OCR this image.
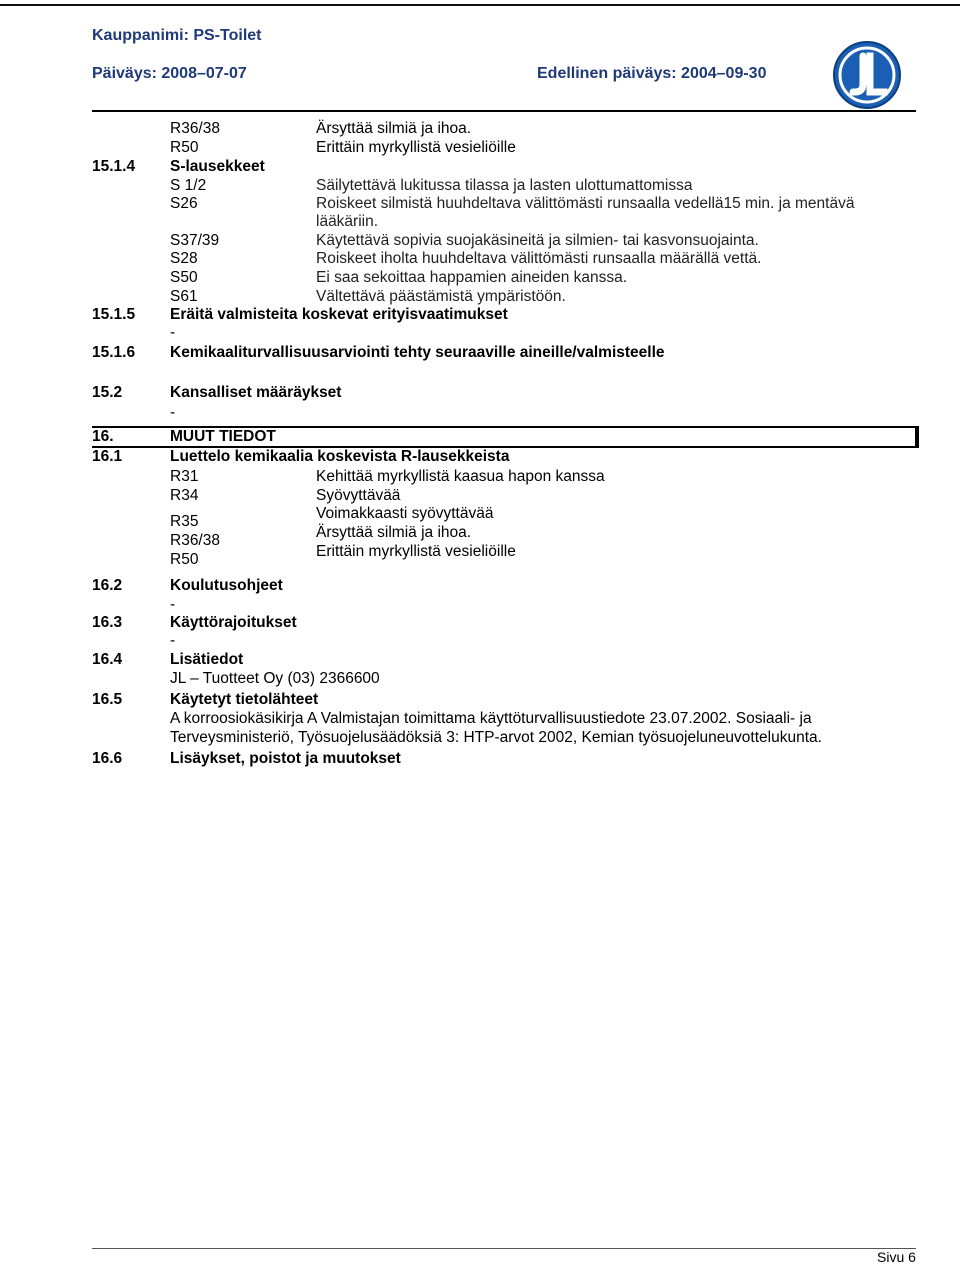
Kauppanimi: PS-Toilet
Päiväys: 2008–07-07	Edellinen päiväys: 2004–09-30
R36/38	Ärsyttää silmiä ja ihoa.
R50	Erittäin myrkyllistä vesieliöille
15.1.4 S-lausekkeet
S 1/2	Säilytettävä lukitussa tilassa ja lasten ulottumattomissa
S26	Roiskeet silmistä huuhdeltava välittömästi runsaalla vedellä15 min. ja mentävä
lääkäriin.
S37/39	Käytettävä sopivia suojakäsineitä ja silmien- tai kasvonsuojainta.
S28	Roiskeet iholta huuhdeltava välittömästi runsaalla määrällä vettä.
S50	Ei saa sekoittaa happamien aineiden kanssa.
S61	Vältettävä päästämistä ympäristöön.
15.1.5 Eräitä valmisteita koskevat erityisvaatimukset
-
15.1.6 Kemikaaliturvallisuusarviointi tehty seuraaville aineille/valmisteelle
15.2	Kansalliset määräykset
-
16.	MUUT TIEDOT
16.1	Luettelo kemikaalia koskevista R-lausekkeista
R31	Kehittää myrkyllistä kaasua hapon kanssa
R34	Syövyttävää
R35	Voimakkaasti syövyttävää
R36/38	Ärsyttää silmiä ja ihoa.
R50	Erittäin myrkyllistä vesieliöille
16.2	Koulutusohjeet
-
16.3	Käyttörajoitukset
-
16.4	Lisätiedot
JL – Tuotteet Oy (03) 2366600
16.5	Käytetyt tietolähteet
A korroosiokäsikirja A Valmistajan toimittama käyttöturvallisuustiedote 23.07.2002. Sosiaali- ja
Terveysministeriö, Työsuojelusäädöksiä 3: HTP-arvot 2002, Kemian työsuojeluneuvottelukunta.
16.6	Lisäykset, poistot ja muutokset
Sivu 6
